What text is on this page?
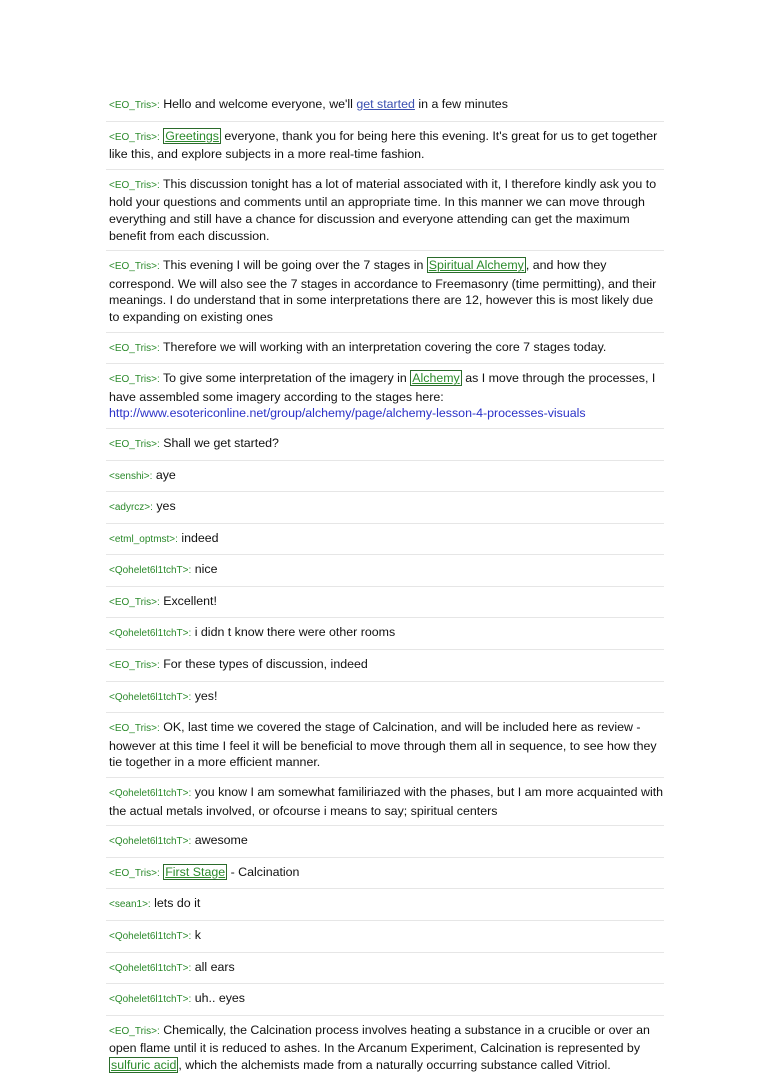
<EO_Tris>: Hello and welcome everyone, we'll get started in a few minutes
<EO_Tris>: Greetings everyone, thank you for being here this evening. It's great for us to get together like this, and explore subjects in a more real-time fashion.
<EO_Tris>: This discussion tonight has a lot of material associated with it, I therefore kindly ask you to hold your questions and comments until an appropriate time. In this manner we can move through everything and still have a chance for discussion and everyone attending can get the maximum benefit from each discussion.
<EO_Tris>: This evening I will be going over the 7 stages in Spiritual Alchemy , and how they correspond. We will also see the 7 stages in accordance to Freemasonry (time permitting), and their meanings. I do understand that in some interpretations there are 12, however this is most likely due to expanding on existing ones
<EO_Tris>: Therefore we will working with an interpretation covering the core 7 stages today.
<EO_Tris>: To give some interpretation of the imagery in Alchemy as I move through the processes, I have assembled some imagery according to the stages here: http://www.esotericonline.net/group/alchemy/page/alchemy-lesson-4-processes-visuals
<EO_Tris>: Shall we get started?
<senshi>: aye
<adyrcz>: yes
<etml_optmst>: indeed
<Qohelet6l1tchT>: nice
<EO_Tris>: Excellent!
<Qohelet6l1tchT>: i didn t know there were other rooms
<EO_Tris>: For these types of discussion, indeed
<Qohelet6l1tchT>: yes!
<EO_Tris>: OK, last time we covered the stage of Calcination, and will be included here as review - however at this time I feel it will be beneficial to move through them all in sequence, to see how they tie together in a more efficient manner.
<Qohelet6l1tchT>: you know I am somewhat familiriazed with the phases, but I am more acquainted with the actual metals involved, or ofcourse i means to say; spiritual centers
<Qohelet6l1tchT>: awesome
<EO_Tris>: First Stage - Calcination
<sean1>: lets do it
<Qohelet6l1tchT>: k
<Qohelet6l1tchT>: all ears
<Qohelet6l1tchT>: uh.. eyes
<EO_Tris>: Chemically, the Calcination process involves heating a substance in a crucible or over an open flame until it is reduced to ashes. In the Arcanum Experiment, Calcination is represented by sulfuric acid , which the alchemists made from a naturally occurring substance called Vitriol.
